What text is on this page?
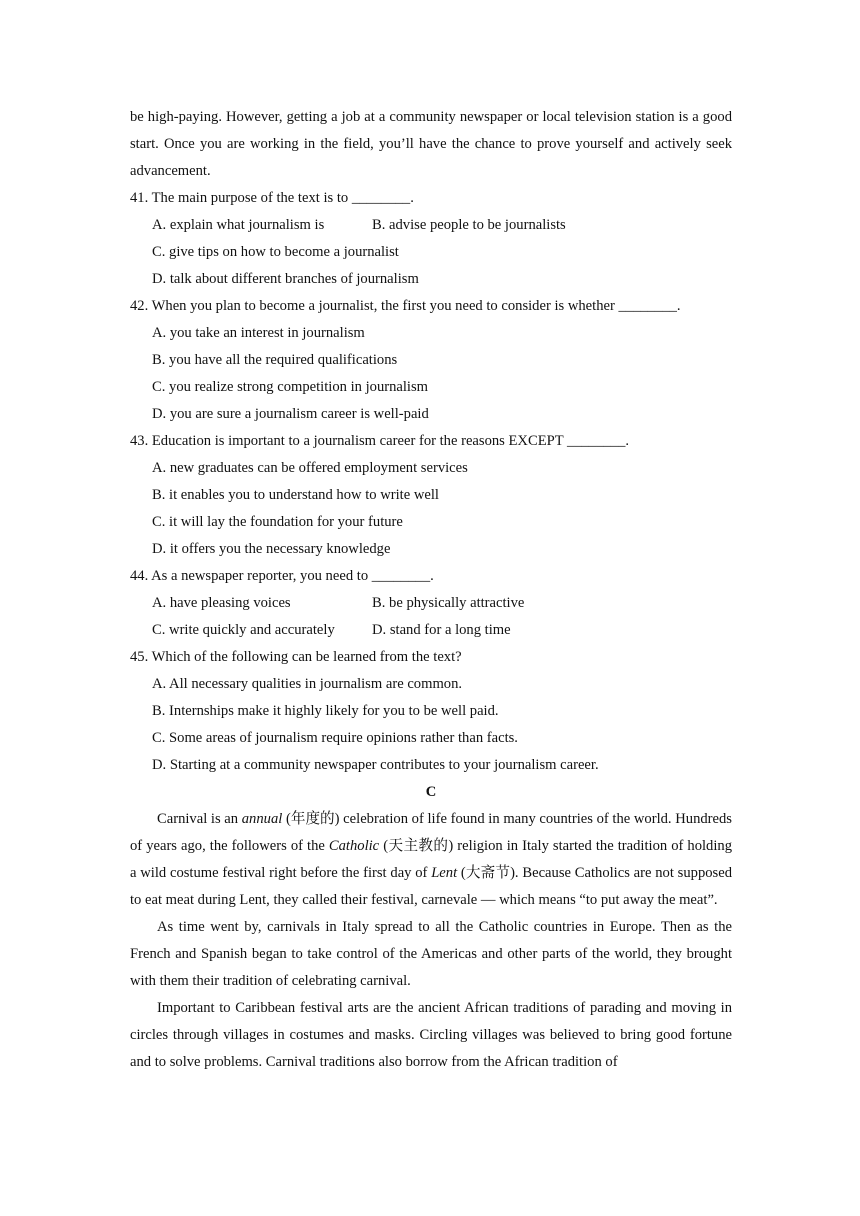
be high-paying. However, getting a job at a community newspaper or local television station is a good start. Once you are working in the field, you’ll have the chance to prove yourself and actively seek advancement.

41. The main purpose of the text is to ________.

A. explain what journalism is	B. advise people to be journalists

C. give tips on how to become a journalist

D. talk about different branches of journalism

42. When you plan to become a journalist, the first you need to consider is whether ________.

A. you take an interest in journalism

B. you have all the required qualifications

C. you realize strong competition in journalism

D. you are sure a journalism career is well-paid

43. Education is important to a journalism career for the reasons EXCEPT ________.

A. new graduates can be offered employment services

B. it enables you to understand how to write well

C. it will lay the foundation for your future

D. it offers you the necessary knowledge

44. As a newspaper reporter, you need to ________.

A. have pleasing voices	B. be physically attractive

C. write quickly and accurately	D. stand for a long time

45. Which of the following can be learned from the text?

A. All necessary qualities in journalism are common.

B. Internships make it highly likely for you to be well paid.

C. Some areas of journalism require opinions rather than facts.

D. Starting at a community newspaper contributes to your journalism career.

C

Carnival is an annual (年度的) celebration of life found in many countries of the world. Hundreds of years ago, the followers of the Catholic (天主教的) religion in Italy started the tradition of holding a wild costume festival right before the first day of Lent (大斋节). Because Catholics are not supposed to eat meat during Lent, they called their festival, carnevale — which means “to put away the meat”.

As time went by, carnivals in Italy spread to all the Catholic countries in Europe. Then as the French and Spanish began to take control of the Americas and other parts of the world, they brought with them their tradition of celebrating carnival.

Important to Caribbean festival arts are the ancient African traditions of parading and moving in circles through villages in costumes and masks. Circling villages was believed to bring good fortune and to solve problems. Carnival traditions also borrow from the African tradition of
